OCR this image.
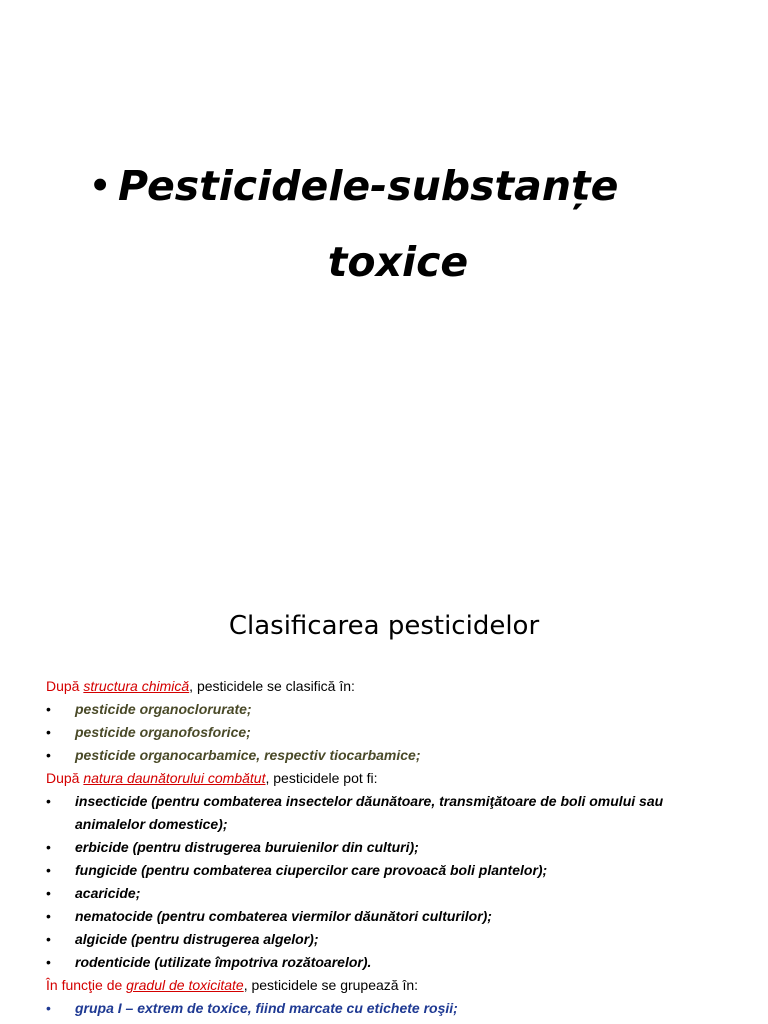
• Pesticidele-substanțe
toxice
Clasificarea pesticidelor
După structura chimică, pesticidele se clasifică în:
• pesticide organoclorurate;
• pesticide organofosforice;
• pesticide organocarbamice, respectiv tiocarbamice;
După natura daunătorului combătut, pesticidele pot fi:
• insecticide (pentru combaterea insectelor dăunătoare, transmiţătoare de boli omului sau animalelor domestice);
• erbicide (pentru distrugerea buruienilor din culturi);
• fungicide (pentru combaterea ciupercilor care provoacă boli plantelor);
• acaricide;
• nematocide (pentru combaterea viermilor dăunători culturilor);
• algicide (pentru distrugerea algelor);
• rodenticide (utilizate împotriva rozătoarelor).
În funcţie de gradul de toxicitate, pesticidele se grupează în:
• grupa I – extrem de toxice, fiind marcate cu etichete roşii;
